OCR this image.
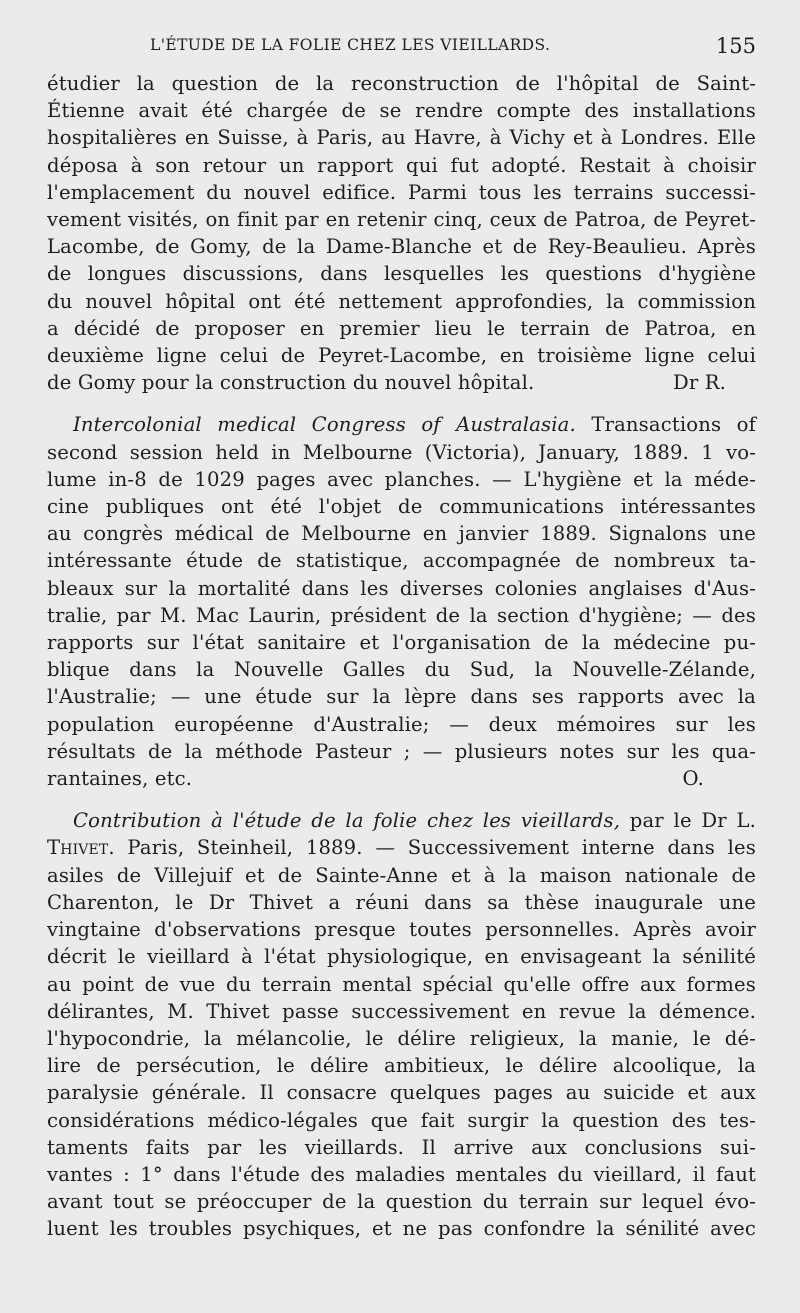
L'ÉTUDE DE LA FOLIE CHEZ LES VIEILLARDS.	155
étudier la question de la reconstruction de l'hôpital de Saint-
Étienne avait été chargée de se rendre compte des installations
hospitalières en Suisse, à Paris, au Havre, à Vichy et à Londres. Elle
déposa à son retour un rapport qui fut adopté. Restait à choisir
l'emplacement du nouvel edifice. Parmi tous les terrains successi-
vement visités, on finit par en retenir cinq, ceux de Patroa, de Peyret-
Lacombe, de Gomy, de la Dame-Blanche et de Rey-Beaulieu. Après
de longues discussions, dans lesquelles les questions d'hygiène
du nouvel hôpital ont été nettement approfondies, la commission
a décidé de proposer en premier lieu le terrain de Patroa, en
deuxième ligne celui de Peyret-Lacombe, en troisième ligne celui
de Gomy pour la construction du nouvel hôpital.	Dr R.
Intercolonial medical Congress of Australasia. Transactions of
second session held in Melbourne (Victoria), January, 1889. 1 vo-
lume in-8 de 1029 pages avec planches. — L'hygiène et la méde-
cine publiques ont été l'objet de communications intéressantes
au congrès médical de Melbourne en janvier 1889. Signalons une
intéressante étude de statistique, accompagnée de nombreux ta-
bleaux sur la mortalité dans les diverses colonies anglaises d'Aus-
tralie, par M. Mac Laurin, président de la section d'hygiène; — des
rapports sur l'état sanitaire et l'organisation de la médecine pu-
blique dans la Nouvelle Galles du Sud, la Nouvelle-Zélande,
l'Australie; — une étude sur la lèpre dans ses rapports avec la
population européenne d'Australie; — deux mémoires sur les
résultats de la méthode Pasteur ; — plusieurs notes sur les qua-
rantaines, etc.	O.
Contribution à l'étude de la folie chez les vieillards, par le Dr L.
Thivet. Paris, Steinheil, 1889. — Successivement interne dans les
asiles de Villejuif et de Sainte-Anne et à la maison nationale de
Charenton, le Dr Thivet a réuni dans sa thèse inaugurale une
vingtaine d'observations presque toutes personnelles. Après avoir
décrit le vieillard à l'état physiologique, en envisageant la sénilité
au point de vue du terrain mental spécial qu'elle offre aux formes
délirantes, M. Thivet passe successivement en revue la démence.
l'hypocondrie, la mélancolie, le délire religieux, la manie, le dé-
lire de persécution, le délire ambitieux, le délire alcoolique, la
paralysie générale. Il consacre quelques pages au suicide et aux
considérations médico-légales que fait surgir la question des tes-
taments faits par les vieillards. Il arrive aux conclusions sui-
vantes : 1° dans l'étude des maladies mentales du vieillard, il faut
avant tout se préoccuper de la question du terrain sur lequel évo-
luent les troubles psychiques, et ne pas confondre la sénilité avec
